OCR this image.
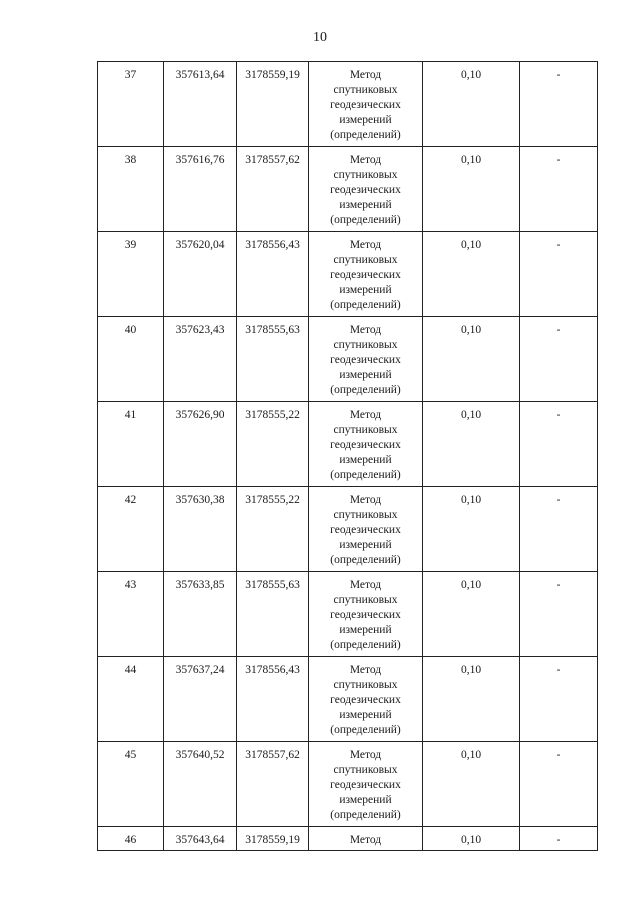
10
37	357613,64	3178559,19	Метод
спутниковых
геодезических
измерений
(определений)	0,10	-
38	357616,76	3178557,62	Метод
спутниковых
геодезических
измерений
(определений)	0,10	-
39	357620,04	3178556,43	Метод
спутниковых
геодезических
измерений
(определений)	0,10	-
40	357623,43	3178555,63	Метод
спутниковых
геодезических
измерений
(определений)	0,10	-
41	357626,90	3178555,22	Метод
спутниковых
геодезических
измерений
(определений)	0,10	-
42	357630,38	3178555,22	Метод
спутниковых
геодезических
измерений
(определений)	0,10	-
43	357633,85	3178555,63	Метод
спутниковых
геодезических
измерений
(определений)	0,10	-
44	357637,24	3178556,43	Метод
спутниковых
геодезических
измерений
(определений)	0,10	-
45	357640,52	3178557,62	Метод
спутниковых
геодезических
измерений
(определений)	0,10	-
46	357643,64	3178559,19	Метод	0,10	-
